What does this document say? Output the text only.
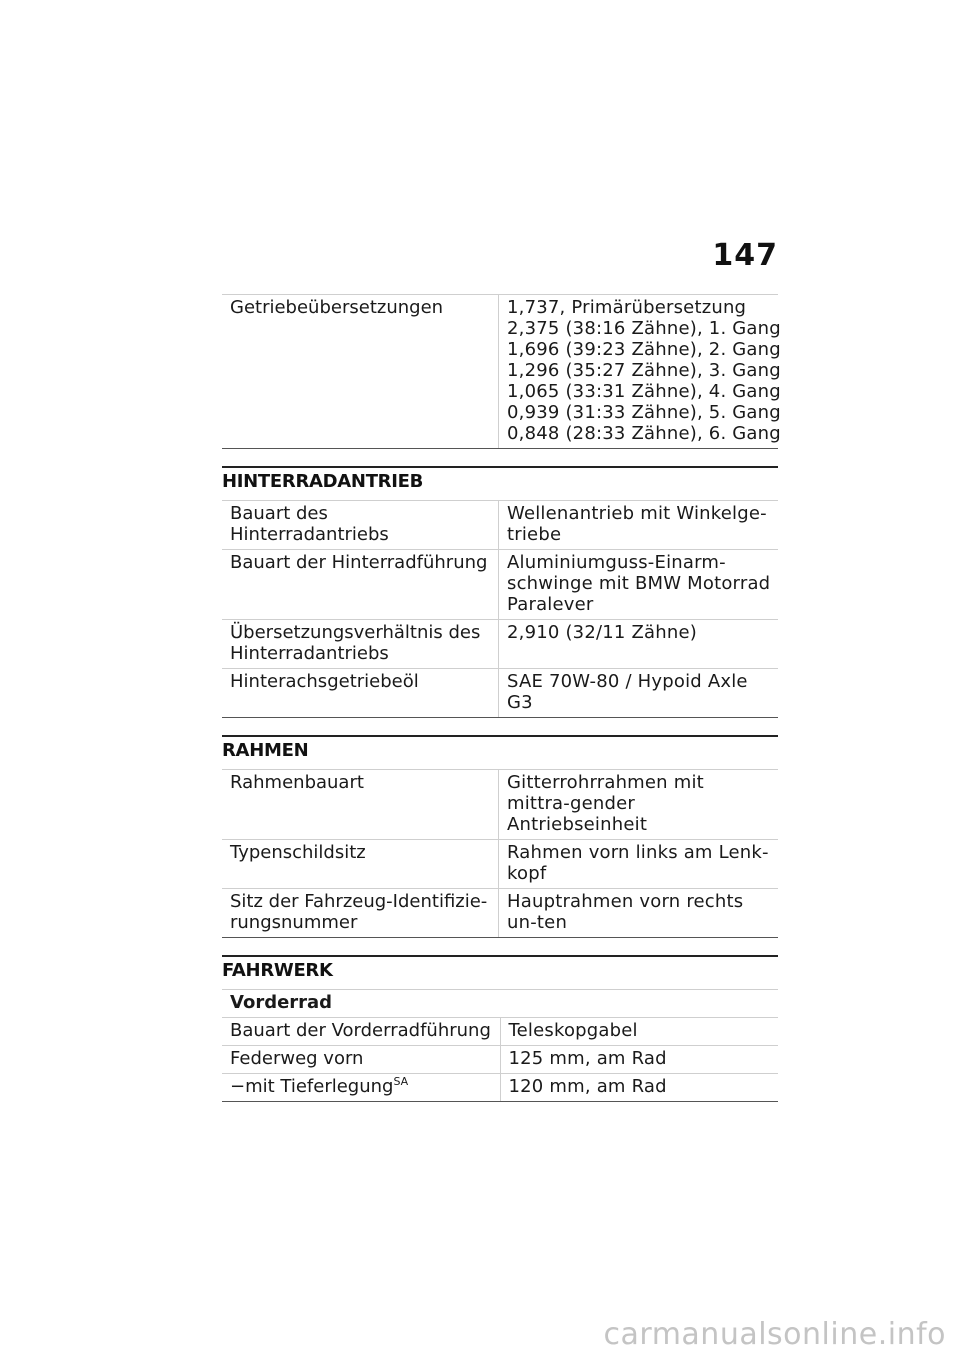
147
Getriebeübersetzungen	1,737, Primärübersetzung
2,375 (38:16 Zähne), 1. Gang
1,696 (39:23 Zähne), 2. Gang
1,296 (35:27 Zähne), 3. Gang
1,065 (33:31 Zähne), 4. Gang
0,939 (31:33 Zähne), 5. Gang
0,848 (28:33 Zähne), 6. Gang
HINTERRADANTRIEB
Bauart des Hinterradantriebs	Wellenantrieb mit Winkelge-triebe
Bauart der Hinterradführung	Aluminiumguss-Einarm-schwinge mit BMW Motorrad Paralever
Übersetzungsverhältnis des Hinterradantriebs	2,910 (32/11 Zähne)
Hinterachsgetriebeöl	SAE 70W-80 / Hypoid Axle G3
RAHMEN
Rahmenbauart	Gitterrohrrahmen mit mittra-gender Antriebseinheit
Typenschildsitz	Rahmen vorn links am Lenk-kopf
Sitz der Fahrzeug-Identifizie-rungsnummer	Hauptrahmen vorn rechts un-ten
FAHRWERK
Vorderrad	
Bauart der Vorderradführung	Teleskopgabel
Federweg vorn	125 mm, am Rad
−mit Tieferlegung$^{SA}$	120 mm, am Rad
carmanualsonline.info
